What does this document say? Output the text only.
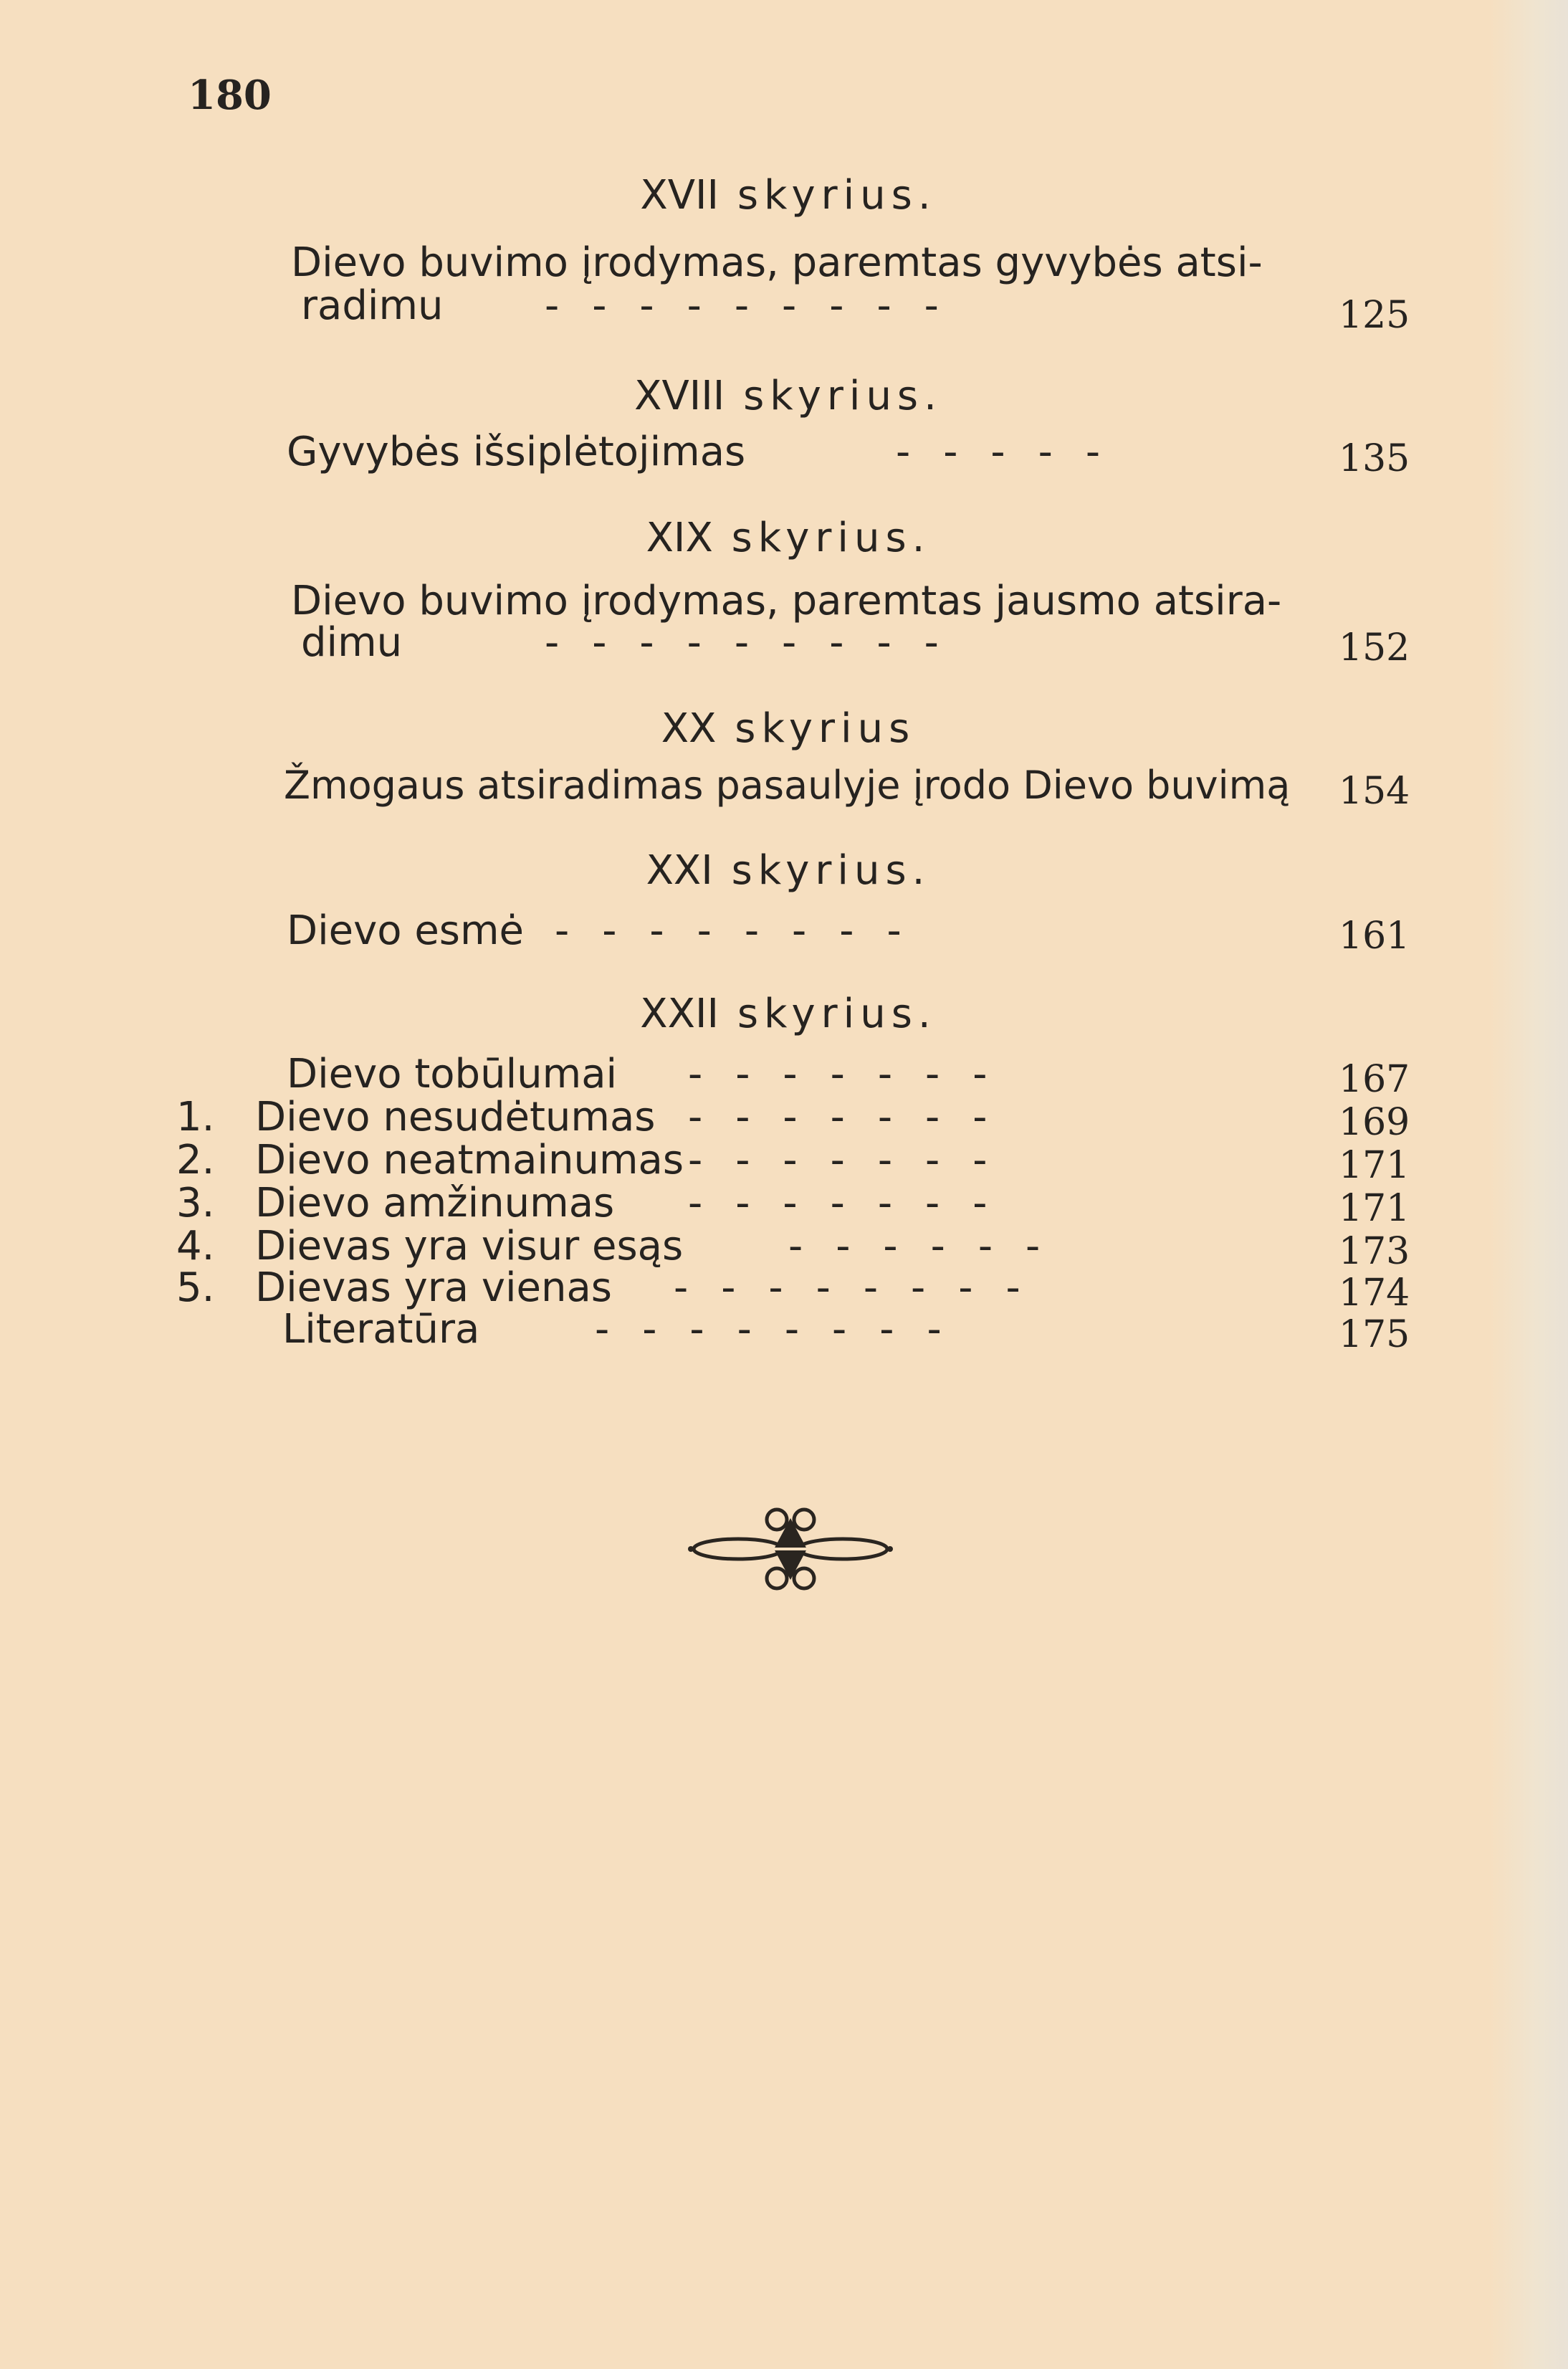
180
XVII skyrius.
Dievo buvimo įrodymas, paremtas gyvybės atsi-
radimu	---------	125
XVIII skyrius.
Gyvybės išsiplėtojimas	-----	135
XIX skyrius.
Dievo buvimo įrodymas, paremtas jausmo atsira-
dimu	---------	152
XX skyrius
Žmogaus atsiradimas pasaulyje įrodo Dievo buvimą 154
XXI skyrius.
Dievo esmė --------	161
XXII skyrius.
Dievo tobūlumai -------	167
1. Dievo nesudėtumas -------	169
2. Dievo neatmainumas -------	171
3. Dievo amžinumas -------	171
4. Dievas yra visur esąs	------	173
5. Dievas yra vienas --------	174
Literatūra	--------	175
